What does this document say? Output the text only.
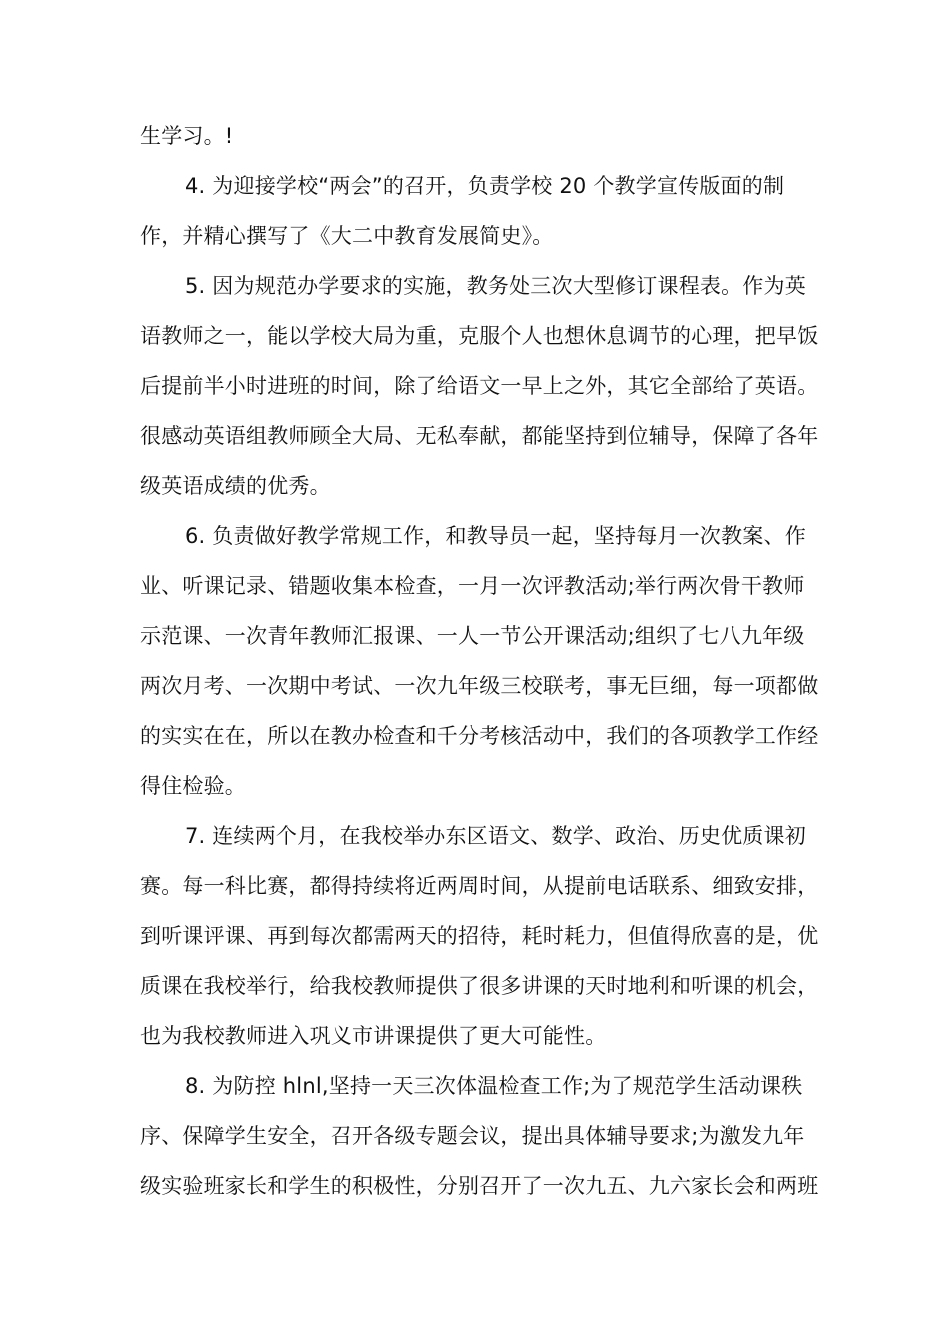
生学习。!
4. 为迎接学校“两会”的召开，负责学校 20 个教学宣传版面的制
作，并精心撰写了《大二中教育发展简史》。
5. 因为规范办学要求的实施，教务处三次大型修订课程表。作为英
语教师之一，能以学校大局为重，克服个人也想休息调节的心理，把早饭
后提前半小时进班的时间，除了给语文一早上之外，其它全部给了英语。
很感动英语组教师顾全大局、无私奉献，都能坚持到位辅导，保障了各年
级英语成绩的优秀。
6. 负责做好教学常规工作，和教导员一起，坚持每月一次教案、作
业、听课记录、错题收集本检查，一月一次评教活动;举行两次骨干教师
示范课、一次青年教师汇报课、一人一节公开课活动;组织了七八九年级
两次月考、一次期中考试、一次九年级三校联考，事无巨细，每一项都做
的实实在在，所以在教办检查和千分考核活动中，我们的各项教学工作经
得住检验。
7. 连续两个月，在我校举办东区语文、数学、政治、历史优质课初
赛。每一科比赛，都得持续将近两周时间，从提前电话联系、细致安排，
到听课评课、再到每次都需两天的招待，耗时耗力，但值得欣喜的是，优
质课在我校举行，给我校教师提供了很多讲课的天时地利和听课的机会，
也为我校教师进入巩义市讲课提供了更大可能性。
8. 为防控 hlnl,坚持一天三次体温检查工作;为了规范学生活动课秩
序、保障学生安全，召开各级专题会议，提出具体辅导要求;为激发九年
级实验班家长和学生的积极性，分别召开了一次九五、九六家长会和两班
